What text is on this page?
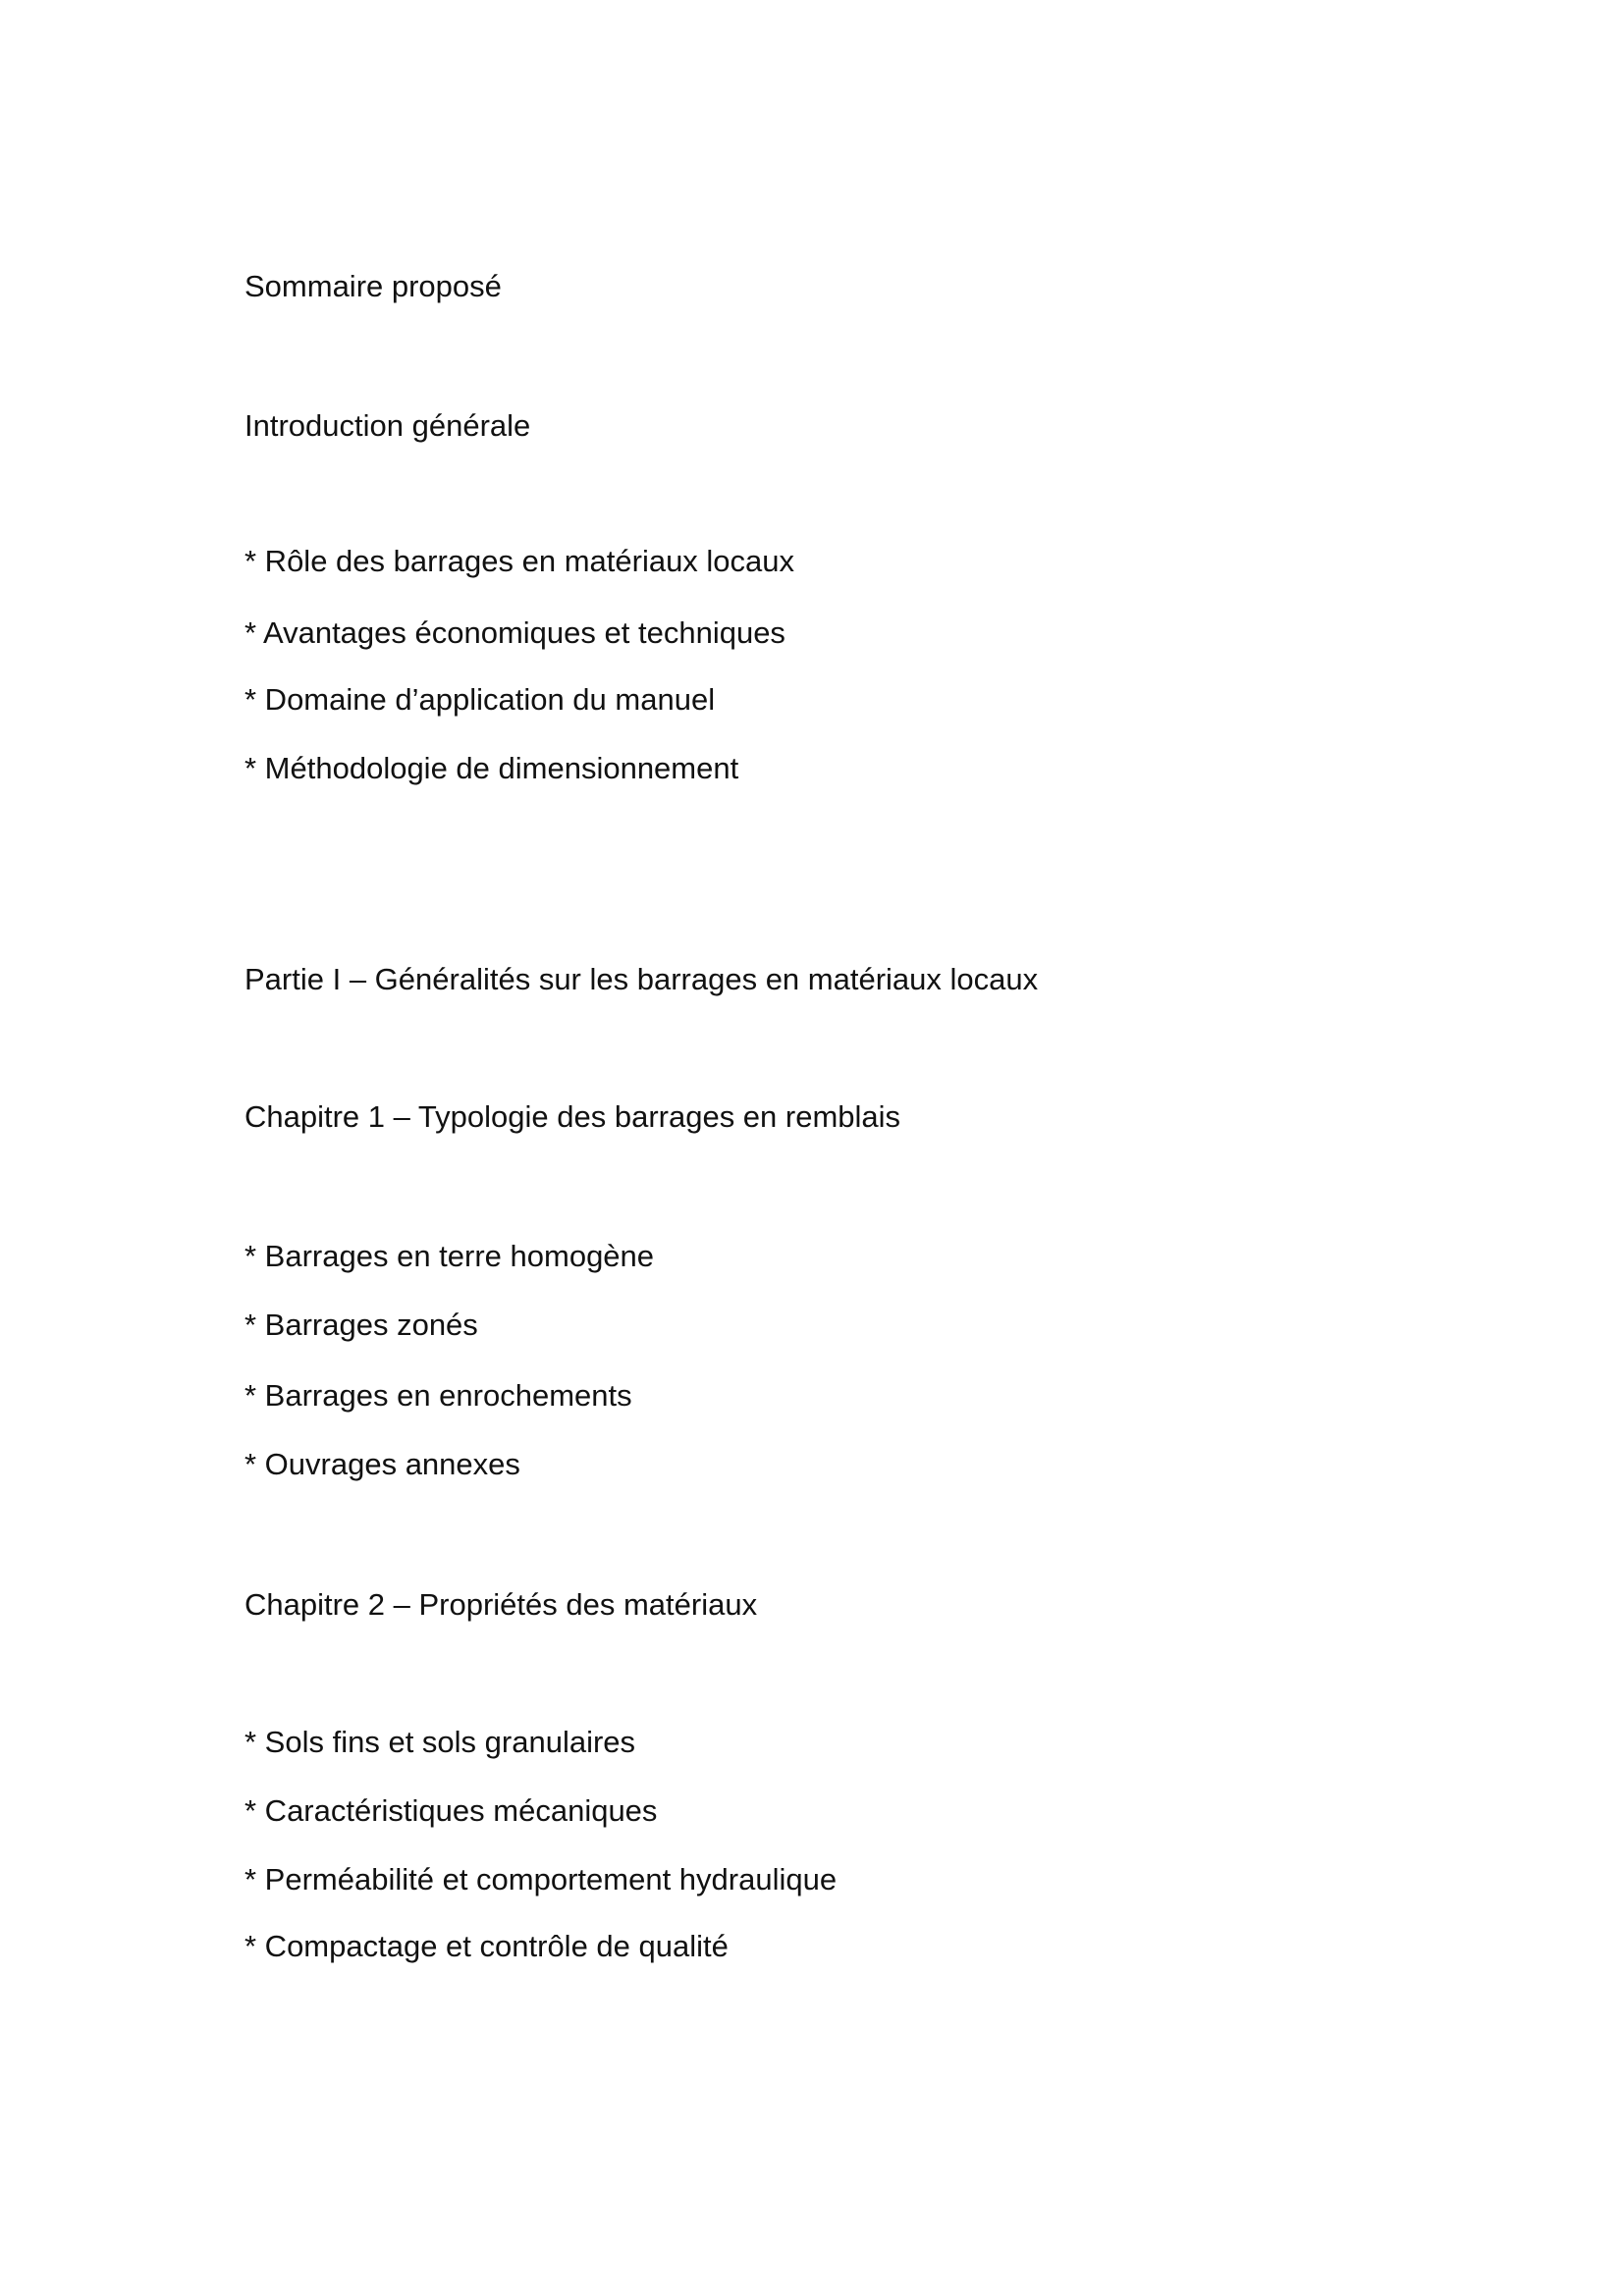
Sommaire proposé

Introduction générale

* Rôle des barrages en matériaux locaux

* Avantages économiques et techniques

* Domaine d’application du manuel

* Méthodologie de dimensionnement

Partie I – Généralités sur les barrages en matériaux locaux

Chapitre 1 – Typologie des barrages en remblais

* Barrages en terre homogène

* Barrages zonés

* Barrages en enrochements

* Ouvrages annexes

Chapitre 2 – Propriétés des matériaux

* Sols fins et sols granulaires

* Caractéristiques mécaniques

* Perméabilité et comportement hydraulique

* Compactage et contrôle de qualité
